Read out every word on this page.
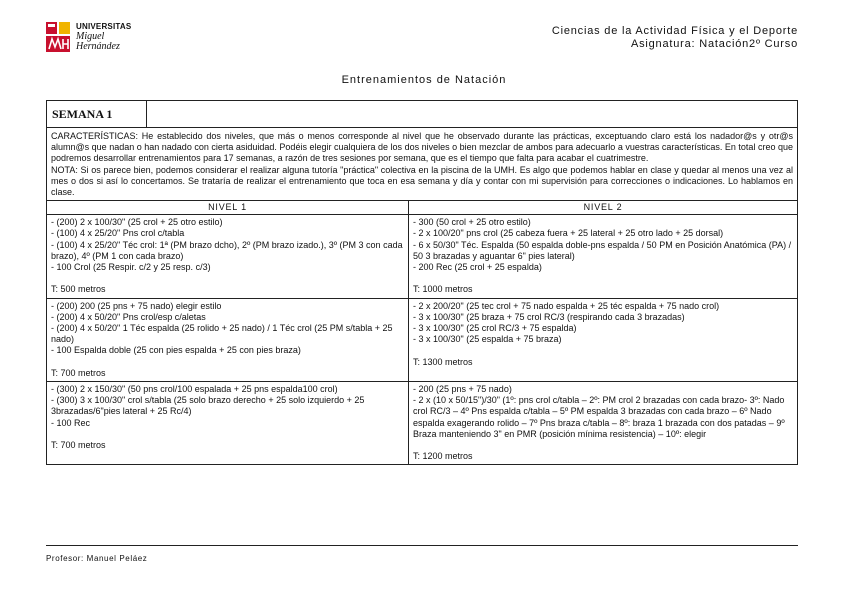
UNIVERSITAS
Miguel
Hernández
Ciencias de la Actividad Física y el Deporte
Asignatura: Natación2º Curso
Entrenamientos de Natación
SEMANA 1
CARACTERÍSTICAS: He establecido dos niveles, que más o menos corresponde al nivel que he observado durante las prácticas, exceptuando claro está los nadador@s y otr@s alumn@s que nadan o han nadado con cierta asiduidad. Podéis elegir cualquiera de los dos niveles o bien mezclar de ambos para adecuarlo a vuestras características. En total creo que podremos desarrollar entrenamientos para 17 semanas, a razón de tres sesiones por semana, que es el tiempo que falta para acabar el cuatrimestre.
NOTA: Si os parece bien, podemos considerar el realizar alguna tutoría "práctica" colectiva en la piscina de la UMH. Es algo que podemos hablar en clase y quedar al menos una vez al mes o dos si así lo concertamos. Se trataría de realizar el entrenamiento que toca en esa semana y día y contar con mi supervisión para correcciones o indicaciones. Lo hablamos en clase.
NIVEL 1	NIVEL 2
- (200) 2 x 100/30" (25 crol + 25 otro estilo)
- (100) 4 x 25/20" Pns crol c/tabla
- (100) 4 x 25/20" Téc crol: 1ª (PM brazo dcho), 2º (PM brazo izado.), 3º (PM 3 con cada brazo), 4º (PM 1 con cada brazo)
- 100 Crol (25 Respir. c/2 y 25 resp. c/3)
T: 500 metros
- 300 (50 crol + 25 otro estilo)
- 2 x 100/20" pns crol (25 cabeza fuera + 25 lateral + 25 otro lado + 25 dorsal)
- 6 x 50/30" Téc. Espalda (50 espalda doble-pns espalda / 50 PM en Posición Anatómica (PA) / 50 3 brazadas y aguantar 6" pies lateral)
- 200 Rec (25 crol + 25 espalda)
T: 1000 metros
- (200) 200 (25 pns + 75 nado) elegir estilo
- (200) 4 x 50/20" Pns crol/esp c/aletas
- (200) 4 x 50/20" 1 Téc espalda (25 rolido + 25 nado) / 1 Téc crol (25 PM s/tabla + 25 nado)
- 100 Espalda doble (25 con pies espalda + 25 con pies braza)
T: 700 metros
- 2 x 200/20" (25 tec crol + 75 nado espalda + 25 téc espalda + 75 nado crol)
- 3 x 100/30" (25 braza + 75 crol RC/3 (respirando cada 3 brazadas)
- 3 x 100/30" (25 crol RC/3 + 75 espalda)
- 3 x 100/30" (25 espalda + 75 braza)
T: 1300 metros
- (300) 2 x 150/30" (50 pns crol/100 espalada + 25 pns espalda100 crol)
- (300) 3 x 100/30" crol s/tabla (25 solo brazo derecho + 25 solo izquierdo + 25 3brazadas/6"pies lateral + 25 Rc/4)
- 100 Rec
T: 700 metros
- 200 (25 pns + 75 nado)
- 2 x (10 x 50/15")/30" (1º: pns crol c/tabla – 2º: PM crol 2 brazadas con cada brazo- 3º: Nado crol RC/3 – 4º Pns espalda c/tabla – 5º PM espalda 3 brazadas con cada brazo – 6º Nado espalda exagerando rolido – 7º Pns braza c/tabla – 8º: braza 1 brazada con dos patadas – 9º Braza manteniendo 3" en PMR (posición mínima resistencia) – 10º: elegir
T: 1200 metros
Profesor: Manuel Peláez
